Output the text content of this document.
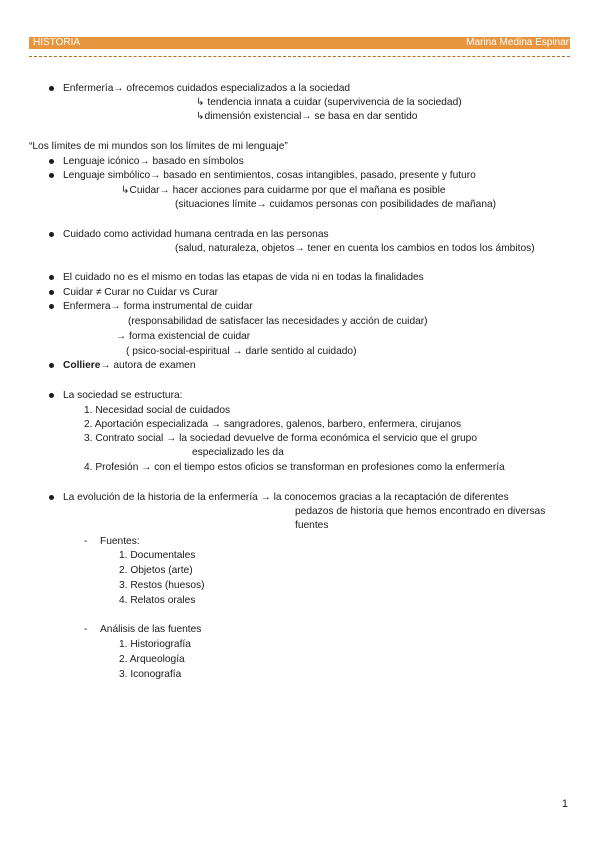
HISTORIA	Marina Medina Espinar
Enfermería→ ofrecemos cuidados especializados a la sociedad
↳ tendencia innata a cuidar (supervivencia de la sociedad)
↳dimensión existencial→ se basa en dar sentido
“Los límites de mi mundos son los límites de mi lenguaje”
Lenguaje icónico→ basado en símbolos
Lenguaje simbólico→ basado en sentimientos, cosas intangibles, pasado, presente y futuro
↳Cuidar→ hacer acciones para cuidarme por que el mañana es posible
(situaciones límite→ cuidamos personas con posibilidades de mañana)
Cuidado como actividad humana centrada en las personas
(salud, naturaleza, objetos→ tener en cuenta los cambios en todos los ámbitos)
El cuidado no es el mismo en todas las etapas de vida ni en todas la finalidades
Cuidar ≠ Curar no Cuidar vs Curar
Enfermera→ forma instrumental de cuidar
(responsabilidad de satisfacer las necesidades y acción de cuidar)
→ forma existencial de cuidar
( psico-social-espiritual → darle sentido al cuidado)
Colliere→ autora de examen
La sociedad se estructura:
1. Necesidad social de cuidados
2. Aportación especializada → sangradores, galenos, barbero, enfermera, cirujanos
3. Contrato social → la sociedad devuelve de forma económica el servicio que el grupo
especializado les da
4. Profesión → con el tiempo estos oficios se transforman en profesiones como la enfermería
La evolución de la historia de la enfermería → la conocemos gracias a la recaptación de diferentes
pedazos de historia que hemos encontrado en diversas
fuentes
- Fuentes:
1. Documentales
2. Objetos (arte)
3. Restos (huesos)
4. Relatos orales
- Análisis de las fuentes
1. Historiografía
2. Arqueología
3. Iconografía
1
